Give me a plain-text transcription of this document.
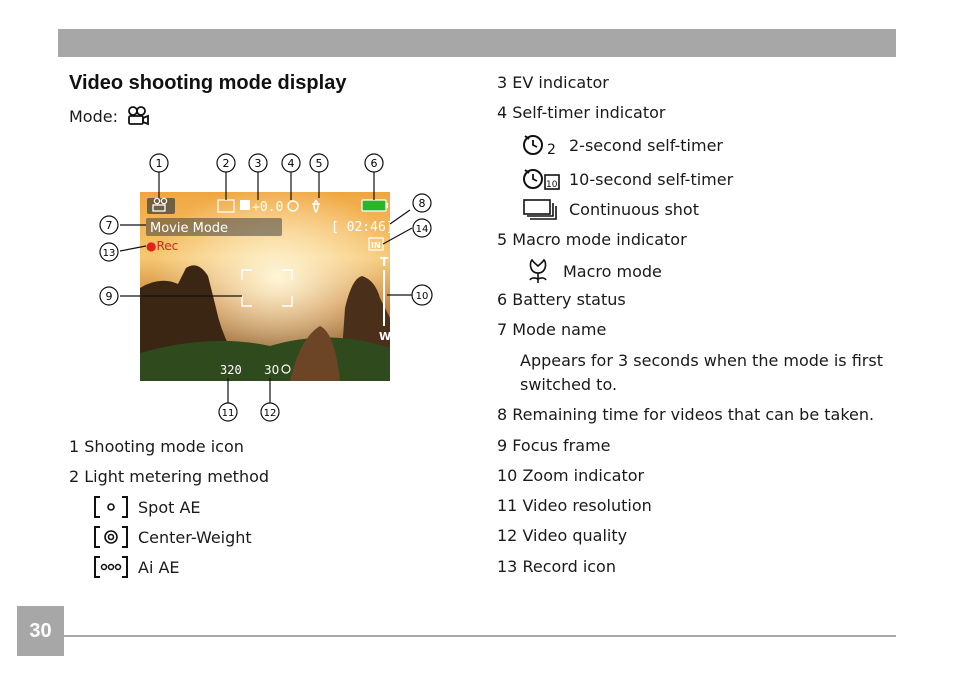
Video shooting mode display
Mode:
+0.0
Movie Mode	[ 02:46]
●Rec	IN
T
W
320 30
1	2 3 4 5	6
7
8
9	10
11	12
13
14
1 Shooting mode icon
2 Light metering method
Spot AE
Center-Weight
Ai AE
3 EV indicator
4 Self-timer indicator
2 2-second self-timer
10 10-second self-timer
Continuous shot
5 Macro mode indicator
Macro mode
6 Battery status
7 Mode name
Appears for 3 seconds when the mode is first
switched to.
8 Remaining time for videos that can be taken.
9 Focus frame
10 Zoom indicator
11 Video resolution
12 Video quality
13 Record icon
30
